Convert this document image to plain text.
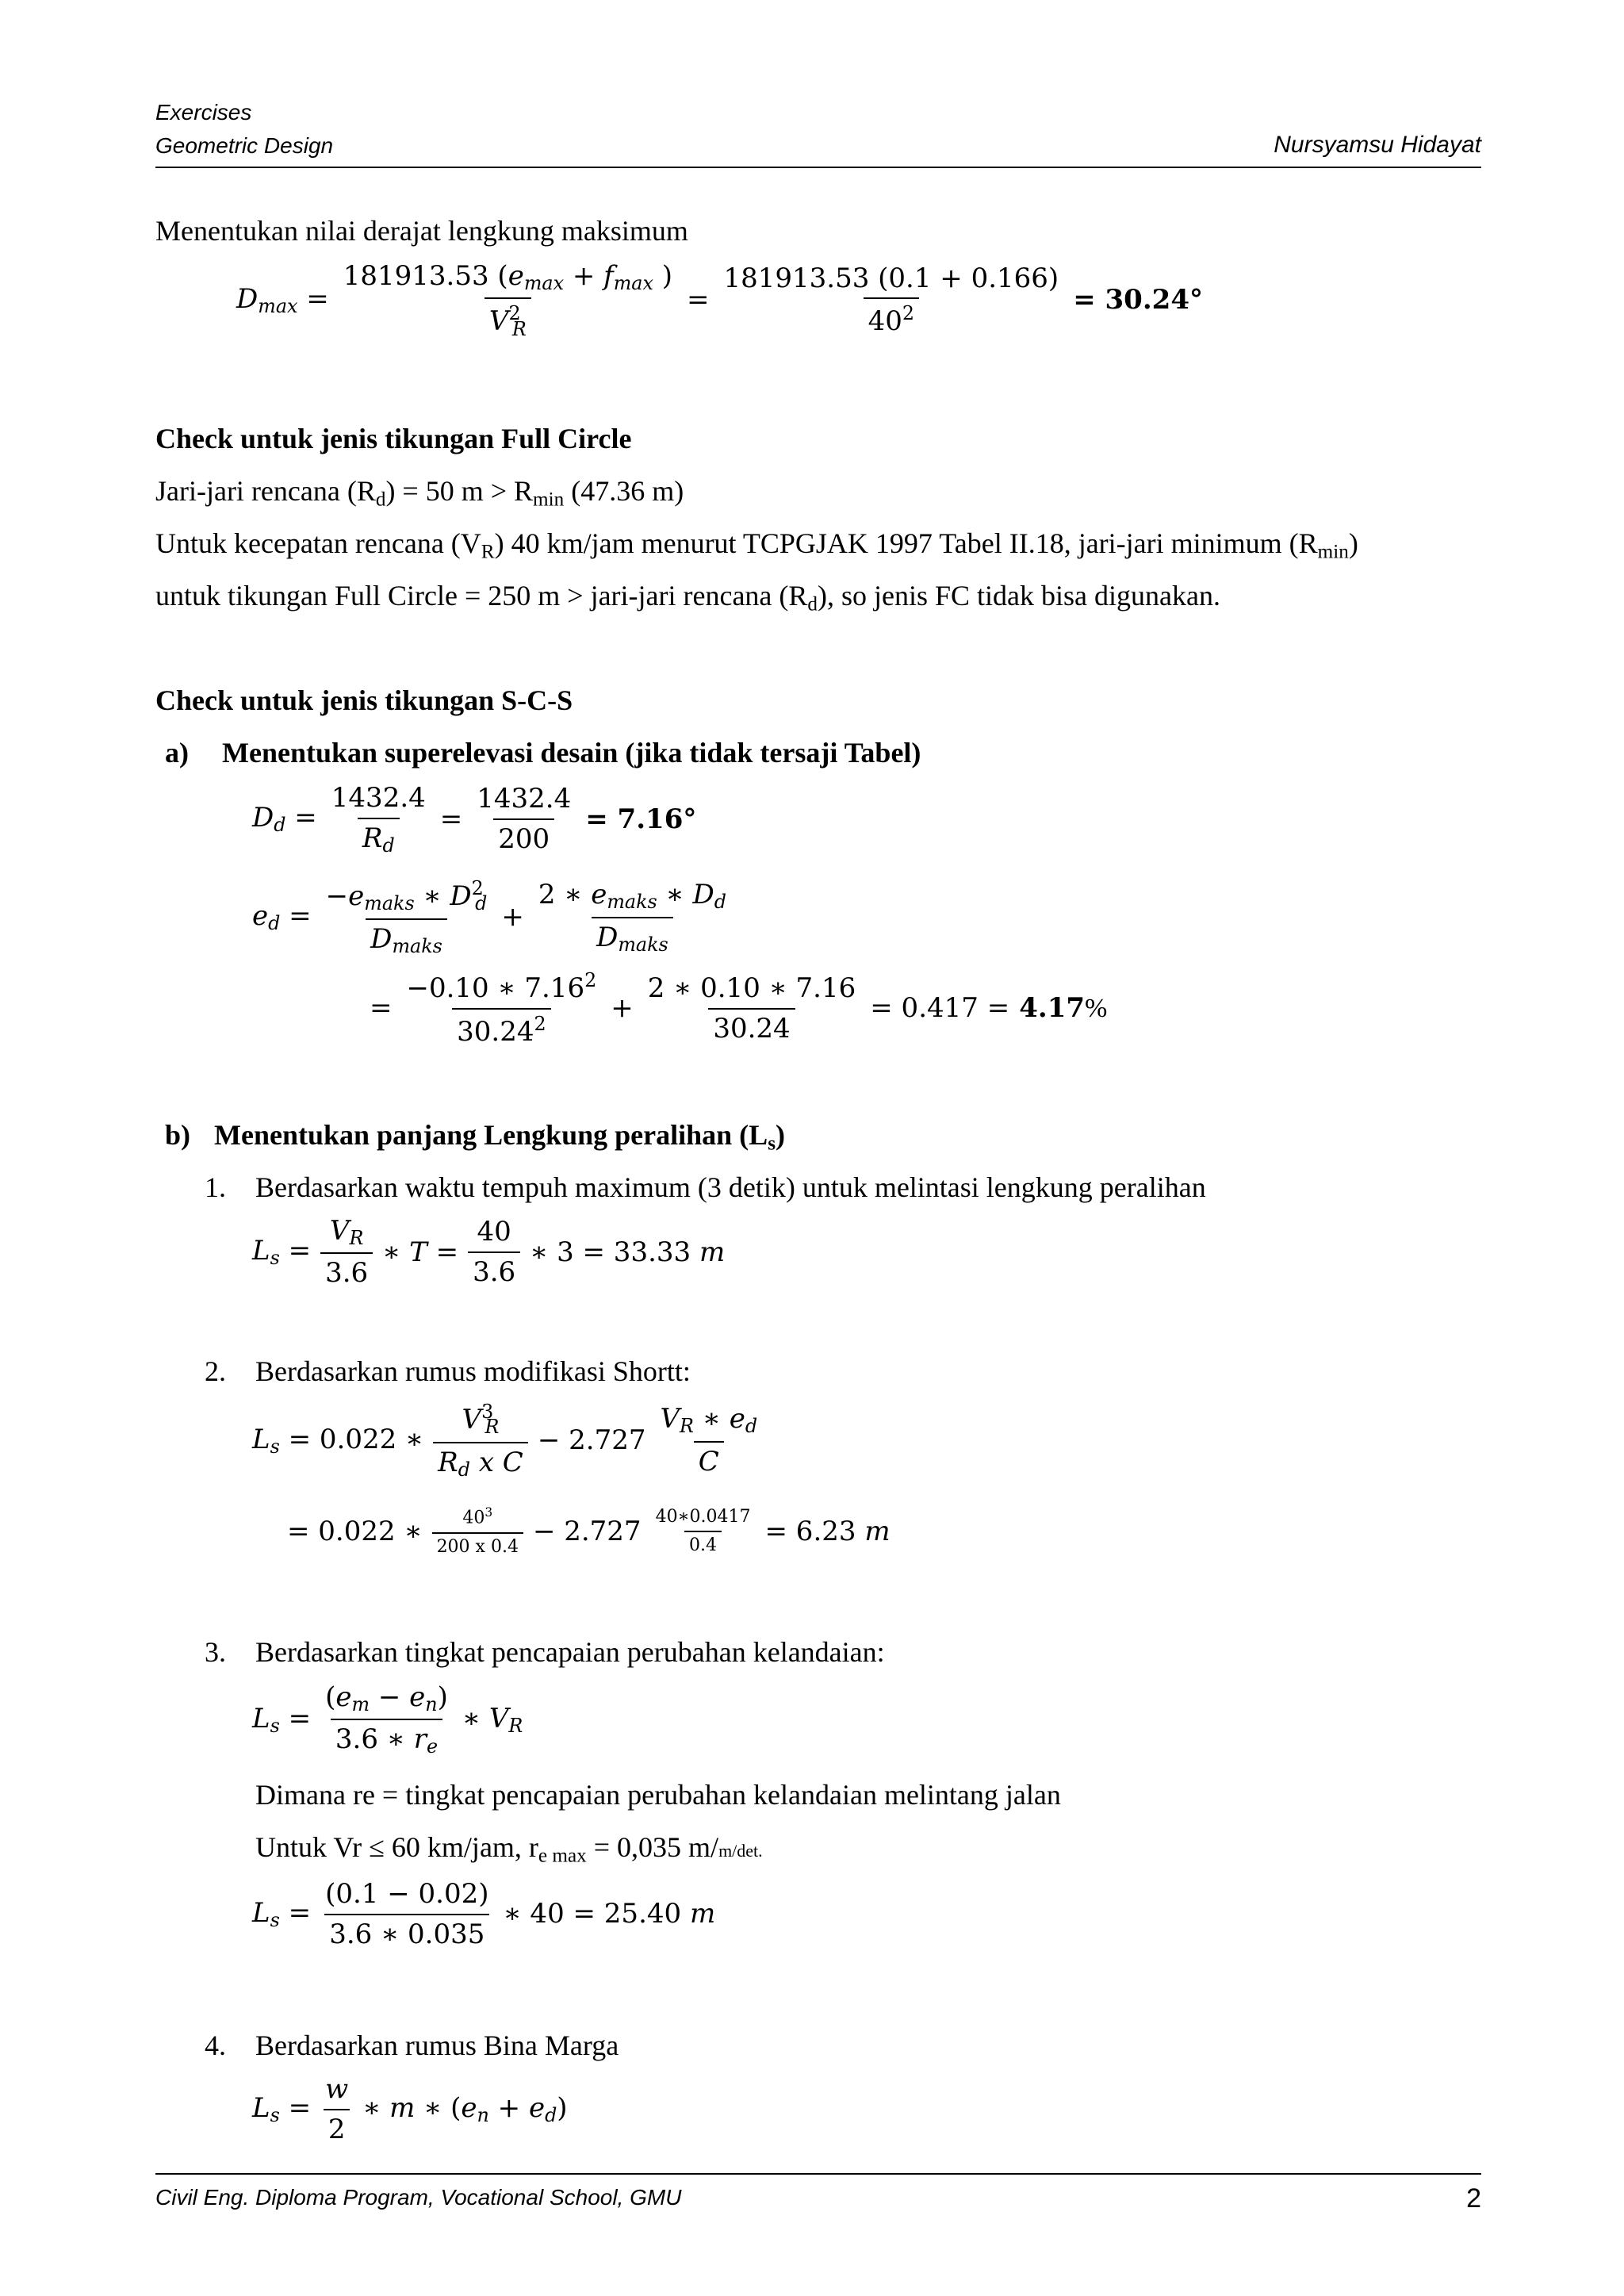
Exercises
Geometric Design	Nursyamsu Hidayat
Menentukan nilai derajat lengkung maksimum
$D_{max} = \frac{181913.53 (e_{max} + f_{max} )}{V^2_R} = \frac{181913.53 (0.1 + 0.166)}{40^2} = 30.24^\circ$
Check untuk jenis tikungan Full Circle
Jari-jari rencana $(R_d) = 50$ $m > R_{min}$ (47.36 m)
Untuk kecepatan rencana $(V_R)$ 40 km/jam menurut TCPGJAK 1997 Tabel II.18, jari-jari minimum $(R_{min})$
untuk tikungan Full Circle = 250 m > jari-jari rencana $(R_d)$, so jenis FC tidak bisa digunakan.
Check untuk jenis tikungan S-C-S
a) Menentukan superelevasi desain (jika tidak tersaji Tabel)
$D_d = \frac{1432.4}{R_d} = \frac{1432.4}{200} = 7.16^\circ$
$e_d = \frac{-e_{maks} ∗ D^2_d}{D_{maks}} + \frac{2 ∗ e_{maks} ∗ D_d}{D_{maks}}$
= $\frac{-0.10 ∗ 7.16^2}{30.24^2} + \frac{2 ∗ 0.10 ∗ 7.16}{30.24} = 0.417 = 4.17\%$
b) Menentukan panjang Lengkung peralihan $(L_s)$
1. Berdasarkan waktu tempuh maximum (3 detik) untuk melintasi lengkung peralihan
$L_s = \frac{V_R}{3.6}$ ∗ $T = \frac{40}{3.6}$ ∗ 3 = 33.33 m
2. Berdasarkan rumus modifikasi Shortt:
$L_s = 0.022$ ∗ $\frac{V^3_R}{R_d x C} - 2.727 \frac{V_R ∗ e_d}{C}$
= 0.022 ∗ $\frac{40^3}{200 x 0.4} - 2.727 \frac{40∗0.0417}{0.4} = 6.23$ m
3. Berdasarkan tingkat pencapaian perubahan kelandaian:
$L_s = \frac{(e_m - e_n)}{3.6 ∗ r_e}$ ∗ $V_R$
Dimana re = tingkat pencapaian perubahan kelandaian melintang jalan
Untuk Vr ≤ 60 km/jam, $r_{e max} = 0,035$ m/m/det.
$L_s = \frac{(0.1 - 0.02)}{3.6 ∗ 0.035}$ ∗ 40 = 25.40 m
4. Berdasarkan rumus Bina Marga
$L_s = \frac{w}{2}$ ∗ m ∗ $(e_n + e_d)$
Civil Eng. Diploma Program, Vocational School, GMU	2
